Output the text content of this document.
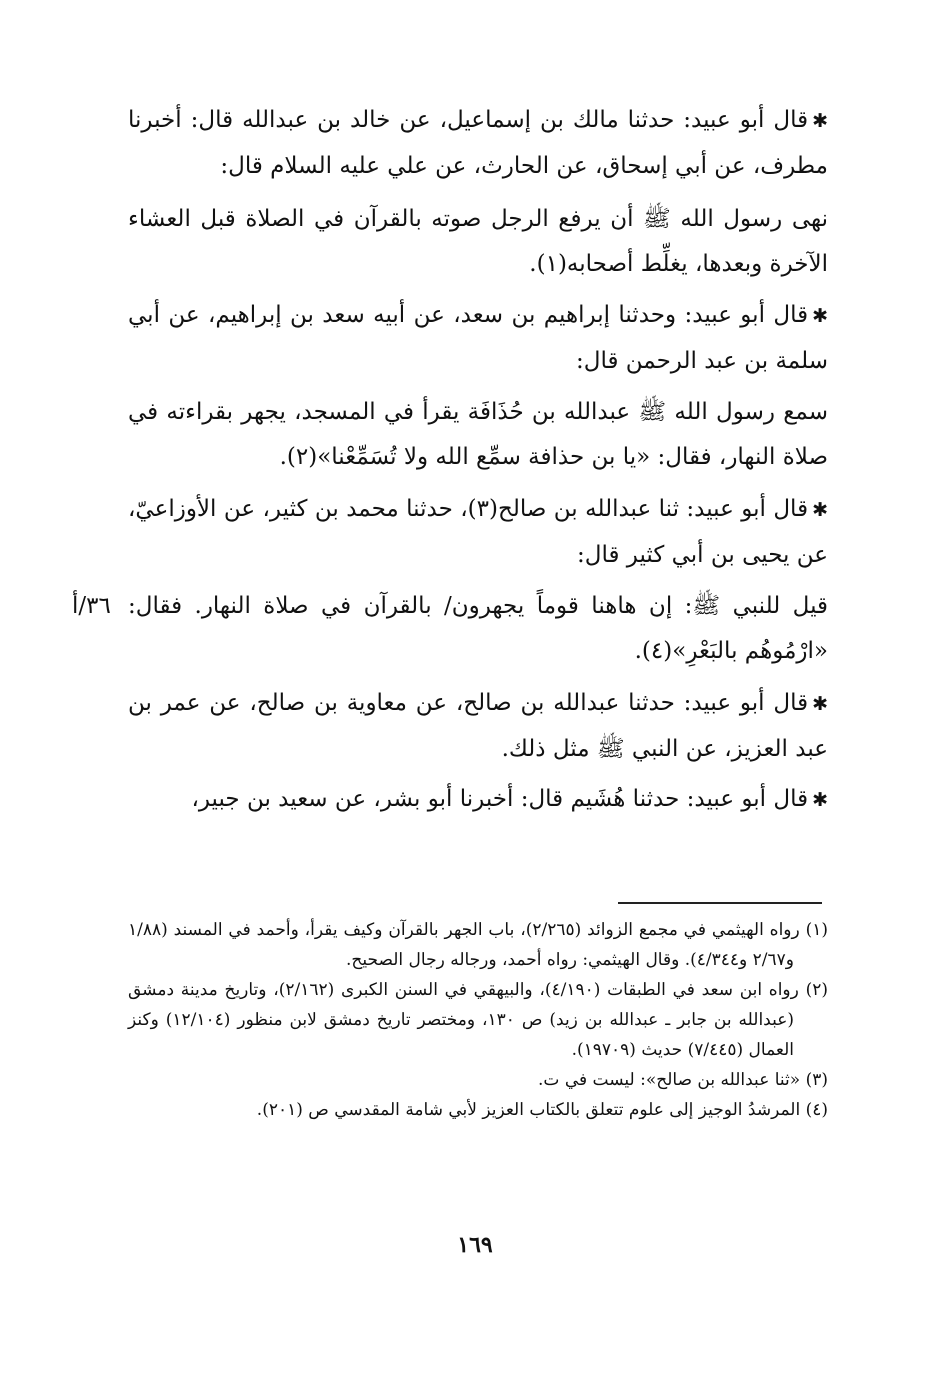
✱قال أبو عبيد: حدثنا مالك بن إسماعيل، عن خالد بن عبدالله قال: أخبرنا مطرف، عن أبي إسحاق، عن الحارث، عن علي عليه السلام قال:

نهى رسول الله ﷺ أن يرفع الرجل صوته بالقرآن في الصلاة قبل العشاء الآخرة وبعدها، يغلِّط أصحابه(١).

✱قال أبو عبيد: وحدثنا إبراهيم بن سعد، عن أبيه سعد بن إبراهيم، عن أبي سلمة بن عبد الرحمن قال:

سمع رسول الله ﷺ عبدالله بن حُذَافَة يقرأ في المسجد، يجهر بقراءته في صلاة النهار، فقال: «يا بن حذافة سمِّع الله ولا تُسَمِّعْنا»(٢).

✱قال أبو عبيد: ثنا عبدالله بن صالح(٣)، حدثنا محمد بن كثير، عن الأوزاعيّ، عن يحيى بن أبي كثير قال:

قيل للنبي ﷺ: إن هاهنا قوماً يجهرون/ بالقرآن في صلاة النهار. فقال: «ارْمُوهُم بالبَعْرِ»(٤).

٣٦/أ

✱قال أبو عبيد: حدثنا عبدالله بن صالح، عن معاوية بن صالح، عن عمر بن عبد العزيز، عن النبي ﷺ مثل ذلك.

✱قال أبو عبيد: حدثنا هُشَيم قال: أخبرنا أبو بشر، عن سعيد بن جبير،

(١) رواه الهيثمي في مجمع الزوائد (٢/٢٦٥)، باب الجهر بالقرآن وكيف يقرأ، وأحمد في المسند (١/٨٨ و٢/٦٧ و٤/٣٤٤). وقال الهيثمي: رواه أحمد، ورجاله رجال الصحيح.

(٢) رواه ابن سعد في الطبقات (٤/١٩٠)، والبيهقي في السنن الكبرى (٢/١٦٢)، وتاريخ مدينة دمشق (عبدالله بن جابر ـ عبدالله بن زيد) ص ١٣٠، ومختصر تاريخ دمشق لابن منظور (١٢/١٠٤) وكنز العمال (٧/٤٤٥) حديث (١٩٧٠٩).

(٣) «ثنا عبدالله بن صالح»: ليست في ت.

(٤) المرشدُ الوجيز إلى علوم تتعلق بالكتاب العزيز لأبي شامة المقدسي ص (٢٠١).

١٦٩
